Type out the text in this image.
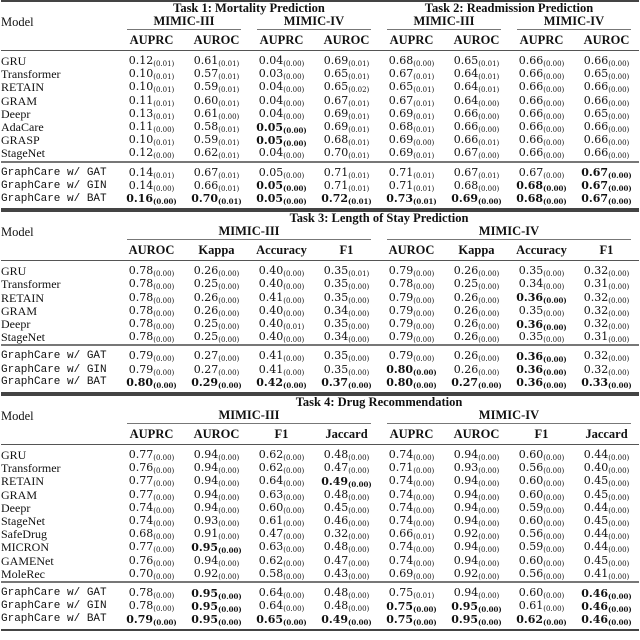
	Task 1: Mortality Prediction				Task 2: Readmission Prediction			
Model	MIMIC-III		MIMIC-IV		MIMIC-III		MIMIC-IV	

	AUPRC	AUROC	AUPRC	AUROC	AUPRC	AUROC	AUPRC	AUROC
GRU	0.12(0.01)	0.61(0.01)	0.04(0.00)	0.69(0.01)	0.68(0.00)	0.65(0.01)	0.66(0.00)	0.66(0.00)
Transformer	0.10(0.01)	0.57(0.01)	0.03(0.00)	0.65(0.01)	0.67(0.01)	0.64(0.01)	0.66(0.00)	0.65(0.00)
RETAIN	0.10(0.01)	0.59(0.01)	0.04(0.00)	0.65(0.02)	0.65(0.01)	0.64(0.01)	0.66(0.00)	0.66(0.00)
GRAM	0.11(0.01)	0.60(0.01)	0.04(0.00)	0.67(0.01)	0.67(0.01)	0.64(0.00)	0.66(0.00)	0.66(0.00)
Deepr	0.13(0.01)	0.61(0.00)	0.04(0.00)	0.69(0.01)	0.69(0.01)	0.66(0.00)	0.66(0.00)	0.65(0.00)
AdaCare	0.11(0.00)	0.58(0.01)	0.05(0.00)	0.69(0.01)	0.68(0.01)	0.66(0.00)	0.66(0.00)	0.66(0.00)
GRASP	0.10(0.01)	0.59(0.01)	0.05(0.00)	0.68(0.01)	0.69(0.00)	0.66(0.01)	0.66(0.00)	0.66(0.00)
StageNet	0.12(0.00)	0.62(0.01)	0.04(0.00)	0.70(0.01)	0.69(0.01)	0.67(0.00)	0.66(0.00)	0.66(0.00)
GraphCare w/ GAT	0.14(0.01)	0.67(0.01)	0.05(0.00)	0.71(0.01)	0.71(0.01)	0.67(0.01)	0.67(0.00)	0.67(0.00)
GraphCare w/ GIN	0.14(0.00)	0.66(0.01)	0.05(0.00)	0.71(0.01)	0.71(0.01)	0.68(0.00)	0.68(0.00)	0.67(0.00)
GraphCare w/ BAT	0.16(0.00)	0.70(0.01)	0.05(0.00)	0.72(0.01)	0.73(0.01)	0.69(0.00)	0.68(0.00)	0.67(0.00)
	Task 3: Length of Stay Prediction							
Model	MIMIC-III				MIMIC-IV			

	AUROC	Kappa	Accuracy	F1	AUROC	Kappa	Accuracy	F1
GRU	0.78(0.00)	0.26(0.00)	0.40(0.00)	0.35(0.01)	0.79(0.00)	0.26(0.00)	0.35(0.00)	0.32(0.00)
Transformer	0.78(0.00)	0.25(0.00)	0.40(0.00)	0.35(0.00)	0.78(0.00)	0.25(0.00)	0.34(0.00)	0.31(0.00)
RETAIN	0.78(0.00)	0.26(0.00)	0.41(0.00)	0.35(0.00)	0.79(0.00)	0.26(0.00)	0.36(0.00)	0.32(0.00)
GRAM	0.78(0.00)	0.26(0.00)	0.40(0.00)	0.34(0.00)	0.79(0.00)	0.26(0.00)	0.35(0.00)	0.32(0.00)
Deepr	0.78(0.00)	0.25(0.00)	0.40(0.01)	0.35(0.00)	0.79(0.00)	0.26(0.00)	0.36(0.00)	0.32(0.00)
StageNet	0.78(0.00)	0.25(0.00)	0.40(0.00)	0.34(0.00)	0.79(0.00)	0.26(0.00)	0.35(0.00)	0.31(0.00)
GraphCare w/ GAT	0.79(0.00)	0.27(0.00)	0.41(0.00)	0.35(0.00)	0.79(0.00)	0.26(0.00)	0.36(0.00)	0.32(0.00)
GraphCare w/ GIN	0.79(0.00)	0.27(0.00)	0.41(0.00)	0.35(0.00)	0.80(0.00)	0.26(0.00)	0.36(0.00)	0.32(0.00)
GraphCare w/ BAT	0.80(0.00)	0.29(0.00)	0.42(0.00)	0.37(0.00)	0.80(0.00)	0.27(0.00)	0.36(0.00)	0.33(0.00)
	Task 4: Drug Recommendation							
Model	MIMIC-III				MIMIC-IV			

	AUPRC	AUROC	F1	Jaccard	AUPRC	AUROC	F1	Jaccard
GRU	0.77(0.00)	0.94(0.00)	0.62(0.00)	0.48(0.00)	0.74(0.00)	0.94(0.00)	0.60(0.00)	0.44(0.00)
Transformer	0.76(0.00)	0.94(0.00)	0.62(0.00)	0.47(0.00)	0.71(0.00)	0.93(0.00)	0.56(0.00)	0.40(0.00)
RETAIN	0.77(0.00)	0.94(0.00)	0.64(0.00)	0.49(0.00)	0.74(0.00)	0.94(0.00)	0.60(0.00)	0.45(0.00)
GRAM	0.77(0.00)	0.94(0.00)	0.63(0.00)	0.48(0.00)	0.74(0.00)	0.94(0.00)	0.60(0.00)	0.45(0.00)
Deepr	0.74(0.00)	0.94(0.00)	0.60(0.00)	0.45(0.00)	0.74(0.00)	0.94(0.00)	0.59(0.00)	0.44(0.00)
StageNet	0.74(0.00)	0.93(0.00)	0.61(0.00)	0.46(0.00)	0.74(0.00)	0.94(0.00)	0.60(0.00)	0.45(0.00)
SafeDrug	0.68(0.00)	0.91(0.00)	0.47(0.00)	0.32(0.00)	0.66(0.01)	0.92(0.00)	0.56(0.00)	0.44(0.00)
MICRON	0.77(0.00)	0.95(0.00)	0.63(0.00)	0.48(0.00)	0.74(0.00)	0.94(0.00)	0.59(0.00)	0.44(0.00)
GAMENet	0.76(0.00)	0.94(0.00)	0.62(0.00)	0.47(0.00)	0.74(0.00)	0.94(0.00)	0.60(0.00)	0.45(0.00)
MoleRec	0.70(0.00)	0.92(0.00)	0.58(0.00)	0.43(0.00)	0.69(0.00)	0.92(0.00)	0.56(0.00)	0.41(0.00)
GraphCare w/ GAT	0.78(0.00)	0.95(0.00)	0.64(0.00)	0.48(0.00)	0.75(0.01)	0.94(0.00)	0.60(0.00)	0.46(0.00)
GraphCare w/ GIN	0.78(0.00)	0.95(0.00)	0.64(0.00)	0.48(0.00)	0.75(0.00)	0.95(0.00)	0.61(0.00)	0.46(0.00)
GraphCare w/ BAT	0.79(0.00)	0.95(0.00)	0.65(0.00)	0.49(0.00)	0.75(0.00)	0.95(0.00)	0.62(0.00)	0.46(0.00)
